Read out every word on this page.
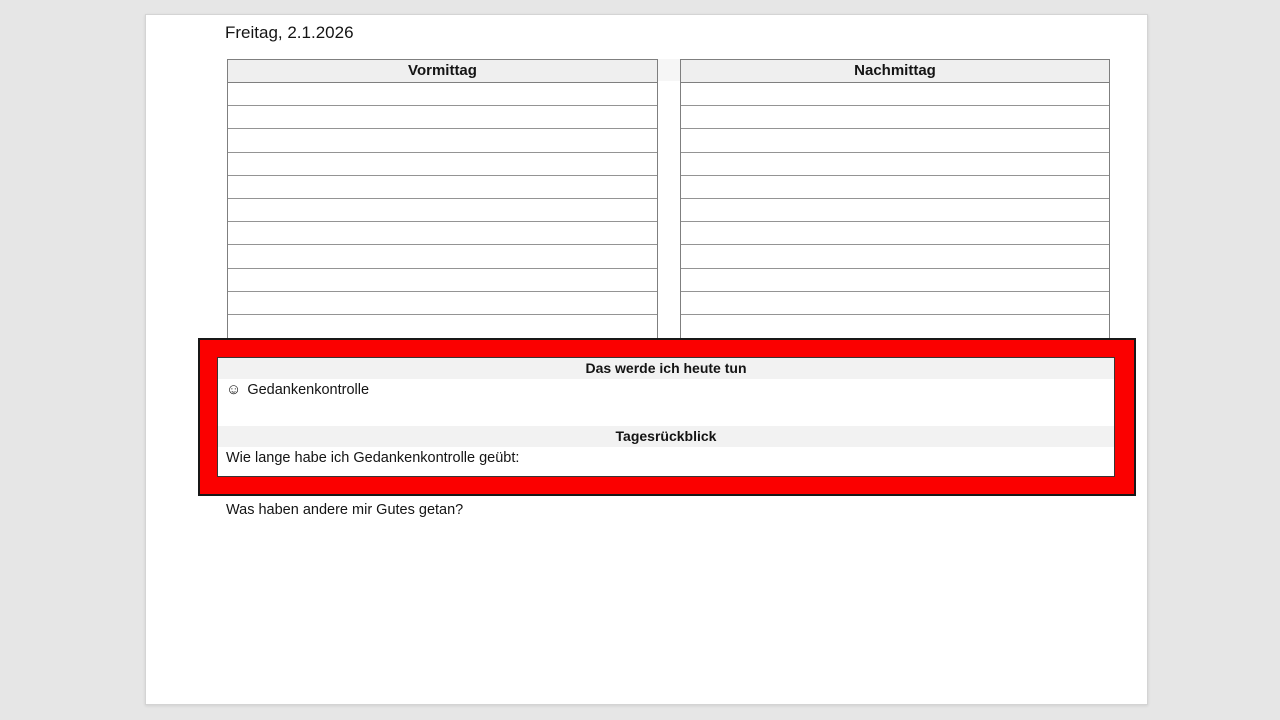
Freitag, 2.1.2026
Vormittag	Nachmittag
Das werde ich heute tun
☺ Gedankenkontrolle
Tagesrückblick
Wie lange habe ich Gedankenkontrolle geübt:
Was haben andere mir Gutes getan?
